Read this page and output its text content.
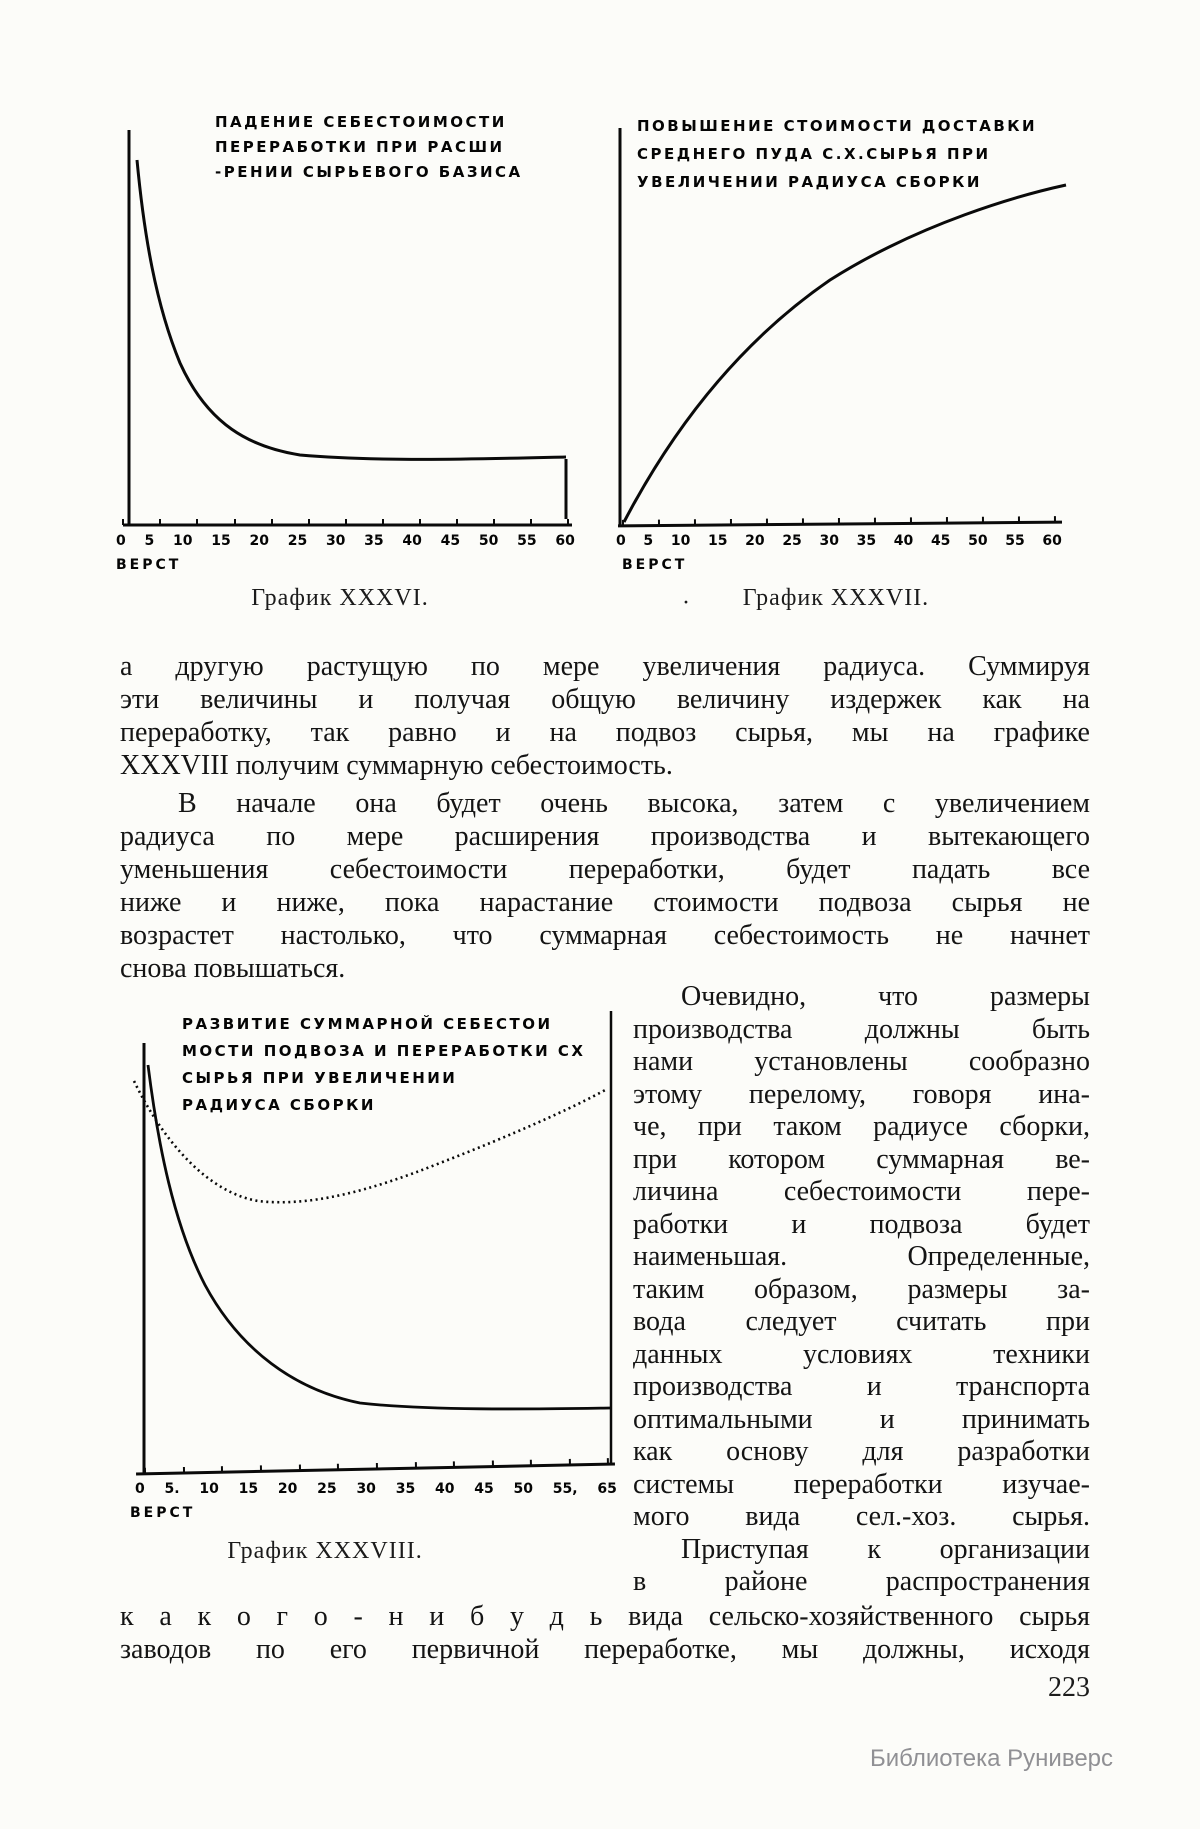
ПАДЕНИЕ СЕБЕСТОИМОСТИ
ПЕРЕРАБОТКИ ПРИ РАСШИ
-РЕНИИ СЫРЬЕВОГО БАЗИСА
0 5 10 15 20 25 30 35 40 45 50 55 60
ВЕРСТ
График XXXVI.
ПОВЫШЕНИЕ СТОИМОСТИ ДОСТАВКИ
СРЕДНЕГО ПУДА С.Х.СЫРЬЯ ПРИ
УВЕЛИЧЕНИИ РАДИУСА СБОРКИ
0 5 10 15 20 25 30 35 40 45 50 55 60
ВЕРСТ
·	График XXXVII.
а другую растущую по мере увеличения радиуса. Суммируя
эти величины и получая общую величину издержек как на
переработку, так равно и на подвоз сырья, мы на графике
XXXVIII получим суммарную себестоимость.
В начале она будет очень высока, затем с увеличением
радиуса по мере расширения производства и вытекающего
уменьшения себестоимости переработки, будет падать все
ниже и ниже, пока нарастание стоимости подвоза сырья не
возрастет настолько, что суммарная себестоимость не начнет
снова повышаться.
РАЗВИТИЕ СУММАРНОЙ СЕБЕСТОИ
МОСТИ ПОДВОЗА И ПЕРЕРАБОТКИ СХ
СЫРЬЯ ПРИ УВЕЛИЧЕНИИ
РАДИУСА СБОРКИ
0 5. 10 15 20 25 30 35 40 45 50 55, 65
ВЕРСТ
График XXXVIII.
Очевидно, что размеры
производства должны быть
нами установлены сообразно
этому перелому, говоря ина-
че, при таком радиусе сборки,
при котором суммарная ве-
личина себестоимости пере-
работки и подвоза будет
наименьшая. Определенные,
таким образом, размеры за-
вода следует считать при
данных условиях техники
производства и транспорта
оптимальными и принимать
как основу для разработки
системы переработки изучае-
мого вида сел.-хоз. сырья.
Приступая к организации
в районе распространения
к а к о г о - н и б у д ь вида сельско-хозяйственного сырья
заводов по его первичной переработке, мы должны, исходя
223
Библиотека Руниверс
